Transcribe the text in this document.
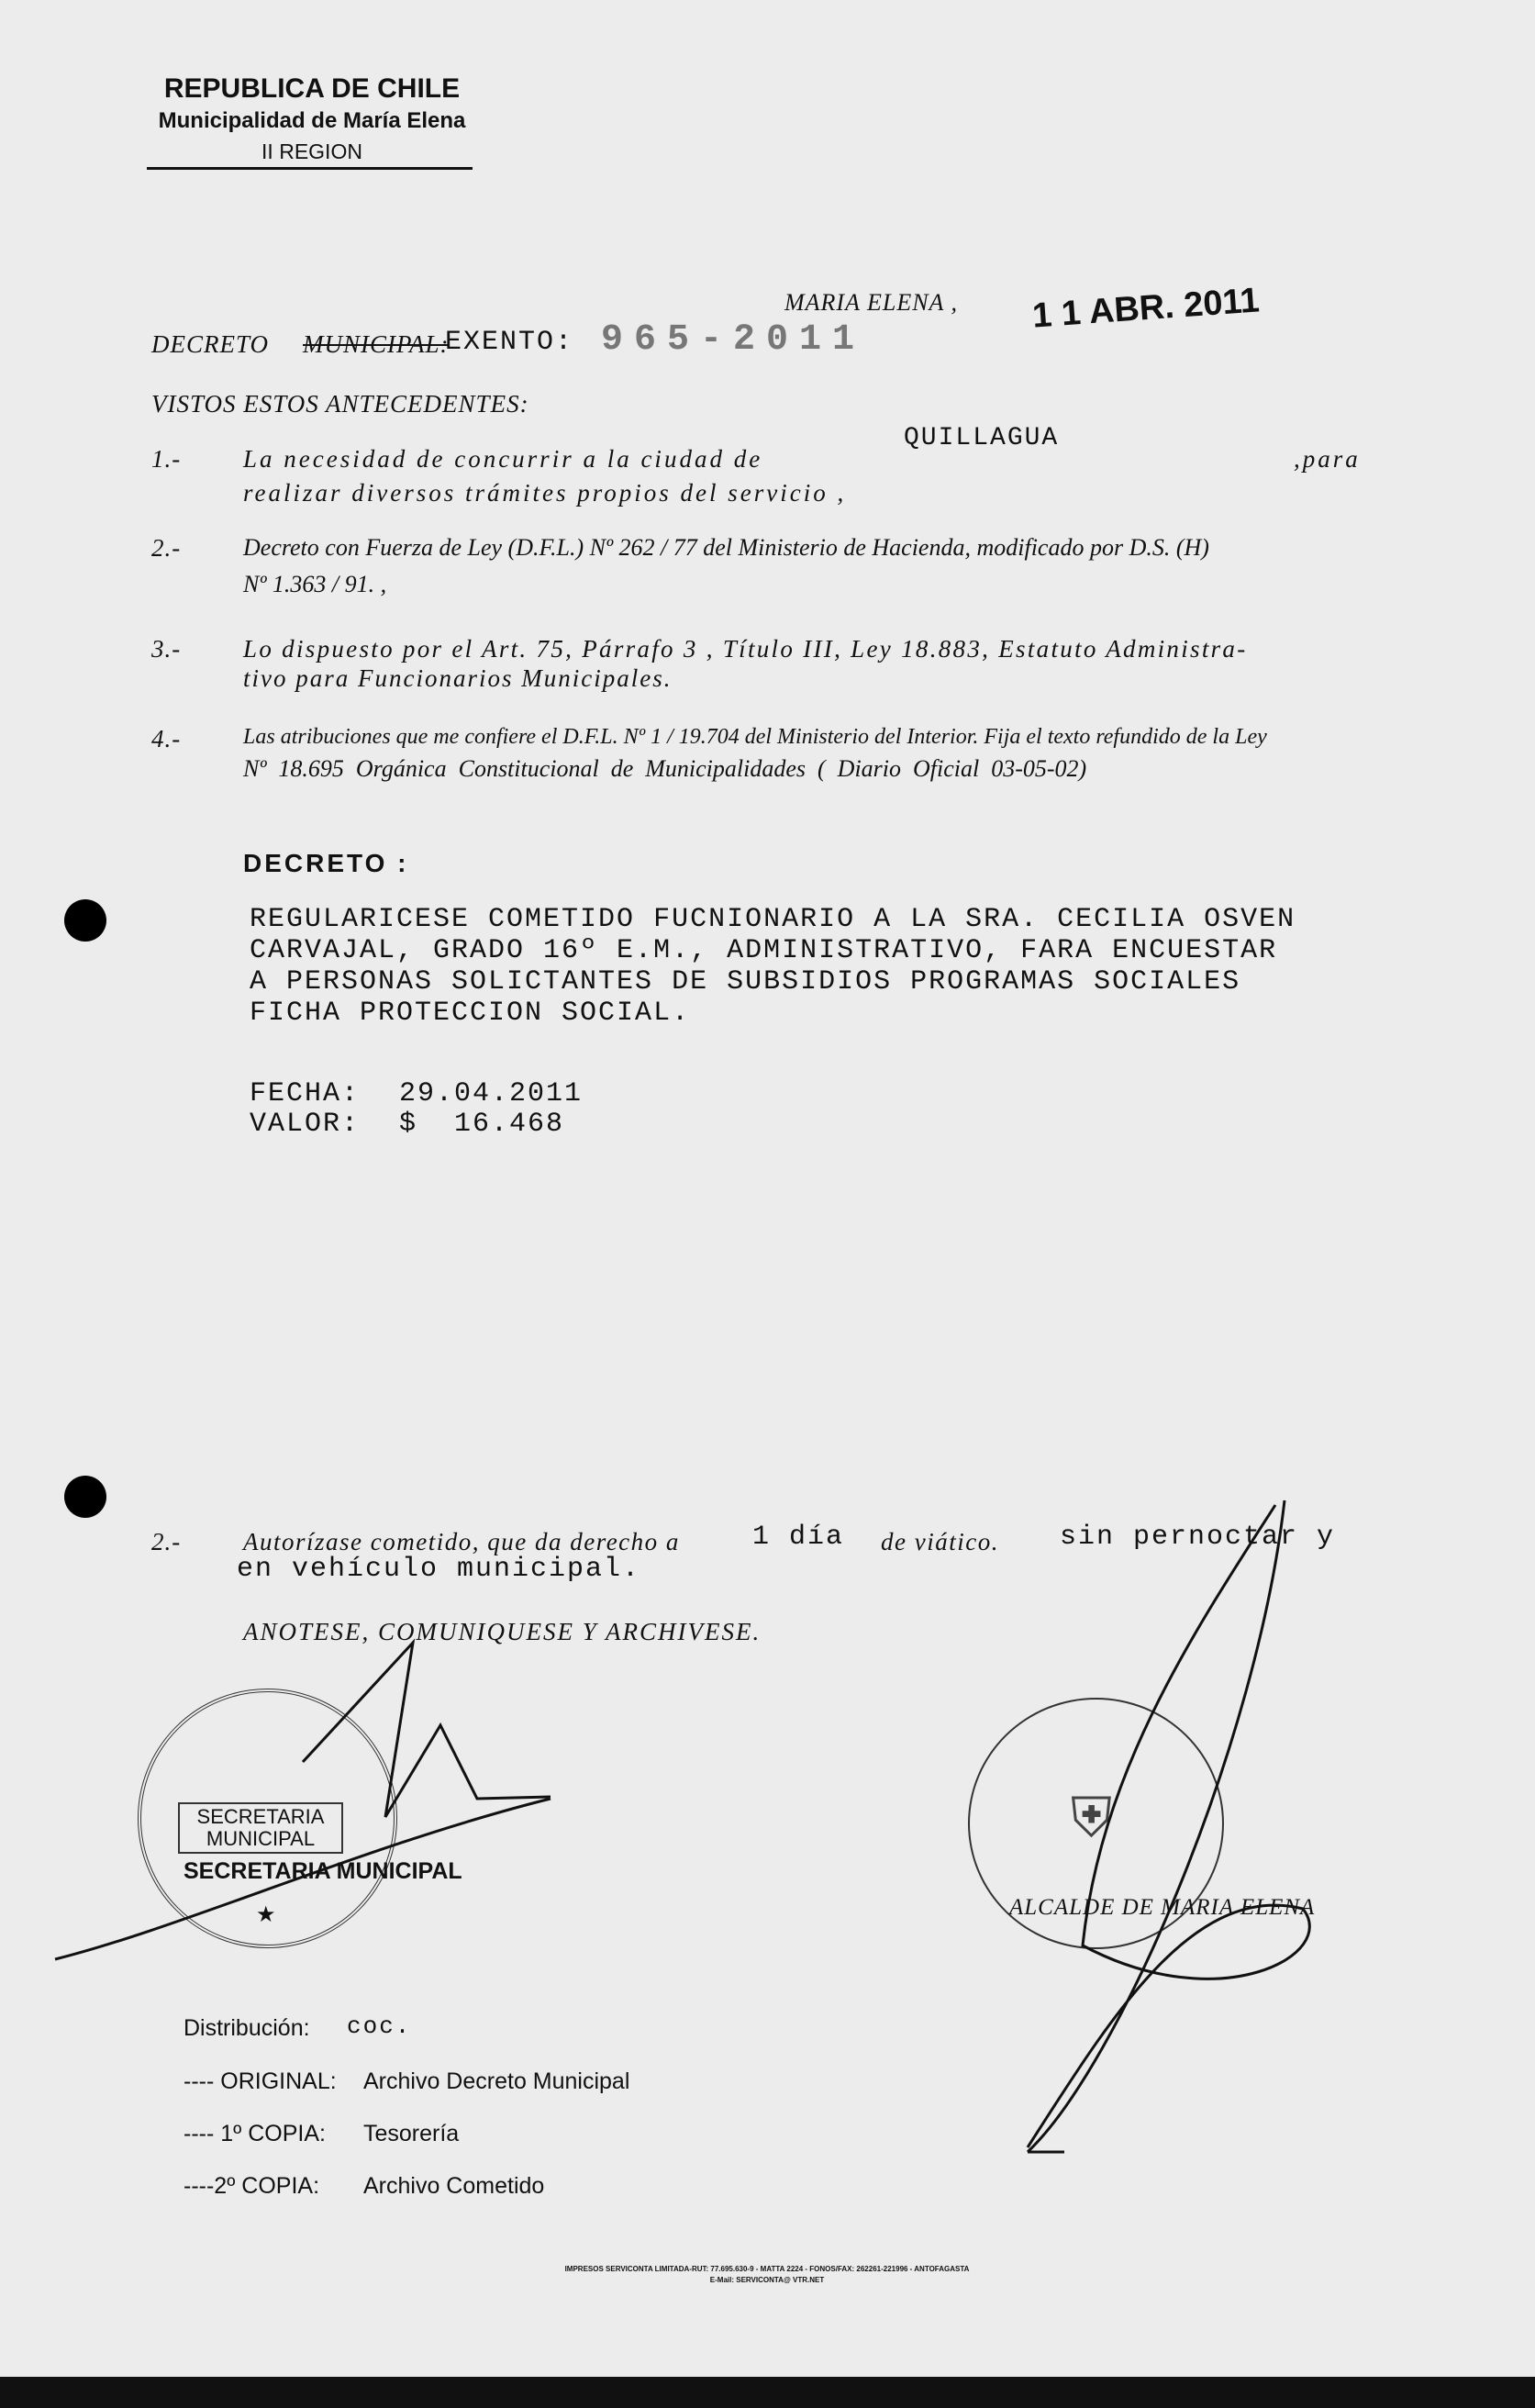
REPUBLICA DE CHILE
Municipalidad de María Elena
II REGION
MARIA ELENA , 1 1 ABR. 2011
DECRETO MUNICIPAL:
EXENTO: 965-2011
VISTOS ESTOS ANTECEDENTES:
QUILLAGUA
1.-	La necesidad de concurrir a la ciudad de	,para
realizar diversos trámites propios del servicio ,
2.-	Decreto con Fuerza de Ley (D.F.L.) Nº 262 / 77 del Ministerio de Hacienda, modificado por D.S. (H)
Nº 1.363 / 91. ,
3.-	Lo dispuesto por el Art. 75, Párrafo 3 , Título III, Ley 18.883, Estatuto Administra-
tivo para Funcionarios Municipales.
4.-	Las atribuciones que me confiere el D.F.L. Nº 1 / 19.704 del Ministerio del Interior. Fija el texto refundido de la Ley
Nº  18.695  Orgánica  Constitucional  de  Municipalidades  (  Diario  Oficial  03-05-02)
DECRETO :
REGULARICESE COMETIDO FUCNIONARIO A LA SRA. CECILIA OSVEN
CARVAJAL, GRADO 16º E.M., ADMINISTRATIVO, FARA ENCUESTAR
A PERSONAS SOLICTANTES DE SUBSIDIOS PROGRAMAS SOCIALES
FICHA PROTECCION SOCIAL.
FECHA: 29.04.2011
VALOR: $  16.468
2.-	Autorízase cometido, que da derecho a	1 día de viático. sin pernoctar y
en vehículo municipal.
ANOTESE, COMUNIQUESE Y ARCHIVESE.
SECRETARIA MUNICIPAL
★
SECRETARIA MUNICIPAL
⛨
ALCALDE DE MARIA ELENA
Distribución: coc.
---- ORIGINAL: Archivo Decreto Municipal
---- 1º COPIA: Tesorería
----2º COPIA: Archivo Cometido
IMPRESOS SERVICONTA LIMITADA-RUT: 77.695.630-9 - MATTA 2224 - FONOS/FAX: 262261-221996 - ANTOFAGASTA
E-Mail: SERVICONTA@ VTR.NET
